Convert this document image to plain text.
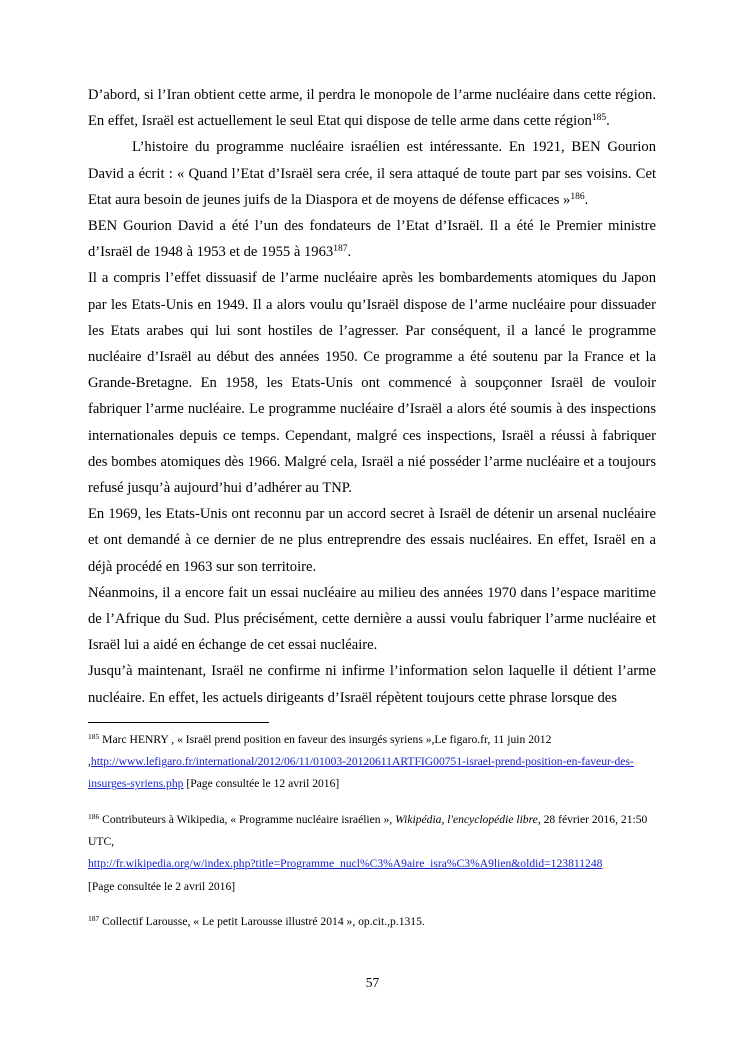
D’abord, si l’Iran obtient cette arme, il perdra le monopole de l’arme nucléaire dans cette région. En effet, Israël est actuellement le seul Etat qui dispose de telle arme dans cette région$^{185}$.

L’histoire du programme nucléaire israélien est intéressante. En 1921, BEN Gourion David a écrit : « Quand l’Etat d’Israël sera crée, il sera attaqué de toute part par ses voisins. Cet Etat aura besoin de jeunes juifs de la Diaspora et de moyens de défense efficaces »$^{186}$.

BEN Gourion David a été l’un des fondateurs de l’Etat d’Israël. Il a été le Premier ministre d’Israël de 1948 à 1953 et de 1955 à 1963$^{187}$.

Il a compris l’effet dissuasif de l’arme nucléaire après les bombardements atomiques du Japon par les Etats-Unis en 1949. Il a alors voulu qu’Israël dispose de l’arme nucléaire pour dissuader les Etats arabes qui lui sont hostiles de l’agresser. Par conséquent, il a lancé le programme nucléaire d’Israël au début des années 1950. Ce programme a été soutenu par la France et la Grande-Bretagne. En 1958, les Etats-Unis ont commencé à soupçonner Israël de vouloir fabriquer l’arme nucléaire. Le programme nucléaire d’Israël a alors été soumis à des inspections internationales depuis ce temps. Cependant, malgré ces inspections, Israël a réussi à fabriquer des bombes atomiques dès 1966. Malgré cela, Israël a nié posséder l’arme nucléaire et a toujours refusé jusqu’à aujourd’hui d’adhérer au TNP.

En 1969, les Etats-Unis ont reconnu par un accord secret à Israël de détenir un arsenal nucléaire et ont demandé à ce dernier de ne plus entreprendre des essais nucléaires. En effet, Israël en a déjà procédé en 1963 sur son territoire.

Néanmoins, il a encore fait un essai nucléaire au milieu des années 1970 dans l’espace maritime de l’Afrique du Sud. Plus précisément, cette dernière a aussi voulu fabriquer l’arme nucléaire et Israël lui a aidé en échange de cet essai nucléaire.

Jusqu’à maintenant, Israël ne confirme ni infirme l’information selon laquelle il détient l’arme nucléaire. En effet, les actuels dirigeants d’Israël répètent toujours cette phrase lorsque des

$^{185}$ Marc HENRY , « Israël prend position en faveur des insurgés syriens »,Le figaro.fr, 11 juin 2012 ,http://www.lefigaro.fr/international/2012/06/11/01003-20120611ARTFIG00751-israel-prend-position-en-faveur-des-insurges-syriens.php [Page consultée le 12 avril 2016]

$^{186}$ Contributeurs à Wikipedia, « Programme nucléaire israélien », Wikipédia, l'encyclopédie libre, 28 février 2016, 21:50 UTC,
http://fr.wikipedia.org/w/index.php?title=Programme_nucl%C3%A9aire_isra%C3%A9lien&oldid=123811248
[Page consultée le 2 avril 2016]

$^{187}$ Collectif Larousse, « Le petit Larousse illustré 2014 », op.cit.,p.1315.

57
